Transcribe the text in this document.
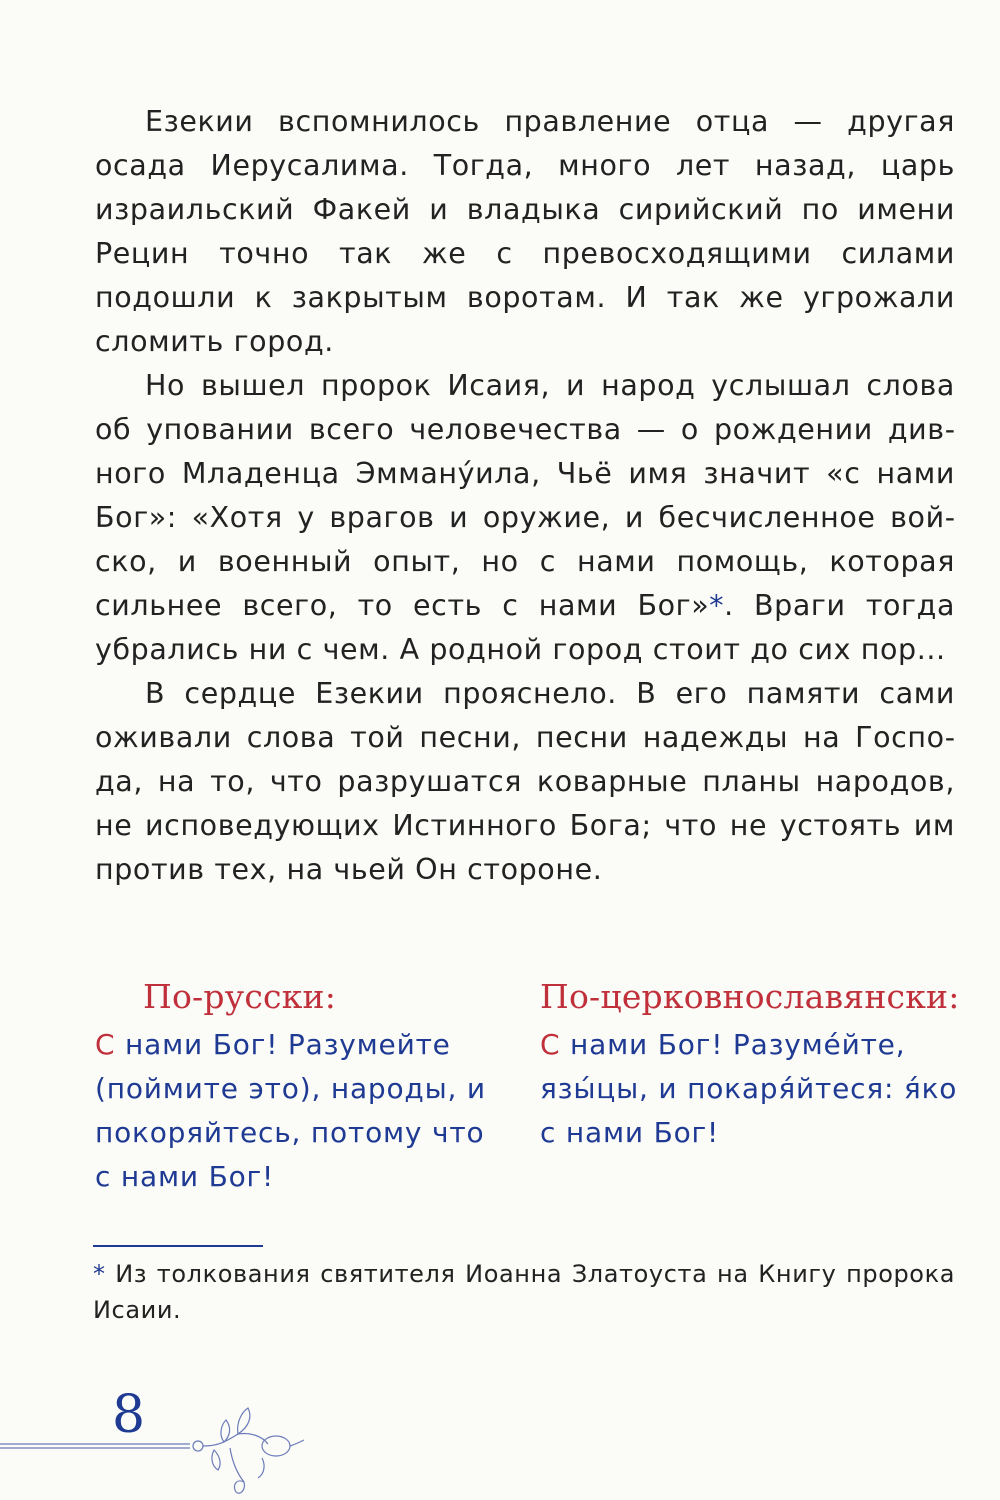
Езекии вспомнилось правление отца — другая осада Иерусалима. Тогда, много лет назад, царь израильский Факей и владыка сирийский по имени Рецин точно так же с превосходящими силами подошли к закрытым воротам. И так же угрожали сломить город.

Но вышел пророк Исаия, и народ услышал слова об уповании всего человечества — о рождении дивного Младенца Эмману́ила, Чьё имя значит «с нами Бог»: «Хотя у врагов и оружие, и бесчисленное войско, и военный опыт, но с нами помощь, которая сильнее всего, то есть с нами Бог»*. Враги тогда убрались ни с чем. А родной город стоит до сих пор...

В сердце Езекии прояснело. В его памяти сами оживали слова той песни, песни надежды на Господа, на то, что разрушатся коварные планы народов, не исповедующих Истинного Бога; что не устоять им против тех, на чьей Он стороне.

По-русски:

С нами Бог! Разумейте (поймите это), народы, и покоряйтесь, потому что с нами Бог!

По-церковнославянски:

С нами Бог! Разуме́йте, язы́цы, и покаря́йтеся: я́ко с нами Бог!

* Из толкования святителя Иоанна Златоуста на Книгу пророка Исаии.

8
